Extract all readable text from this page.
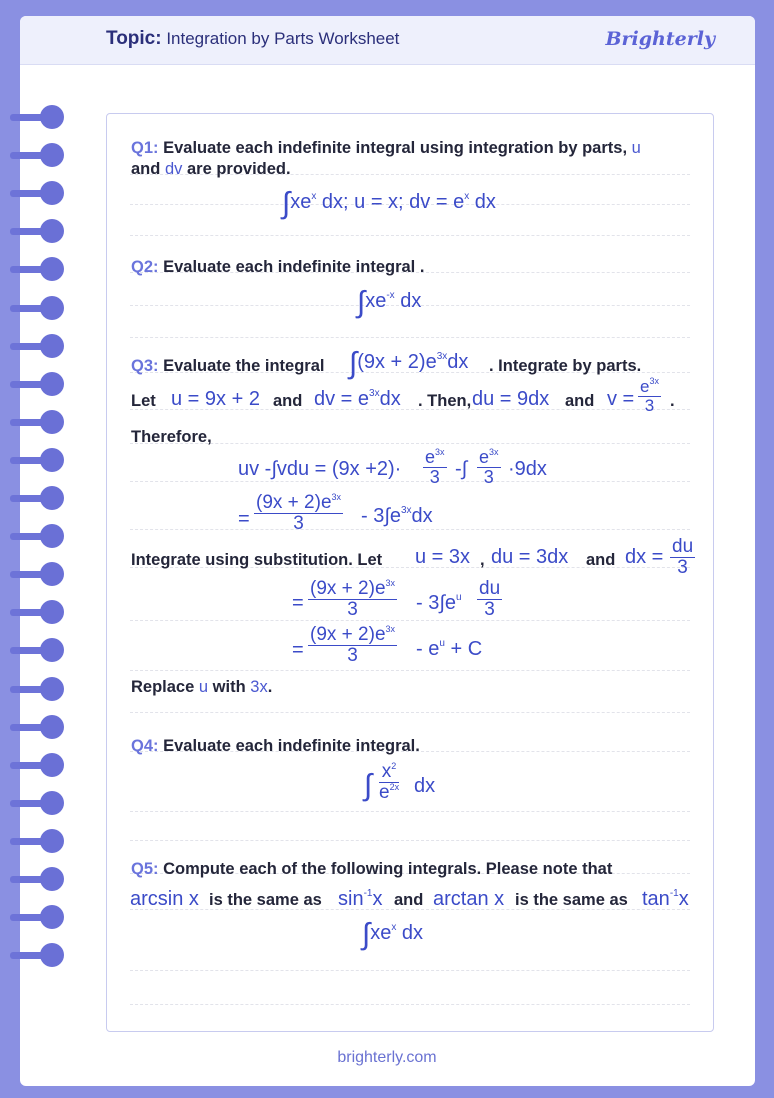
Topic: Integration by Parts Worksheet	Brighterly
Q1: Evaluate each indefinite integral using integration by parts, u
and dv are provided.
$\int xe^x$ dx; u = x; dv = $e^x$ dx
Q2: Evaluate each indefinite integral .
$\int xe^{-x}$ dx
Q3: Evaluate the integral $\int(9x + 2)e^{3x}dx$ . Integrate by parts.
Let u = 9x + 2 and dv = $e^{3x}dx$ . Then, du = 9dx and $v = \frac{e^{3x}}{3}$ .
Therefore,
uv $-\int vdu = (9x +2)\cdot \frac{e^{3x}}{3}$ -∫ $\frac{e^{3x}}{3} \cdot 9dx$
= $\frac{(9x + 2)e^{3x}}{3} - 3\int e^{3x}dx$
Integrate using substitution. Let u = 3x , du = 3dx and dx = $\frac{du}{3}$
= $\frac{(9x + 2)e^{3x}}{3} - 3\int e^u \frac{du}{3}$
= $\frac{(9x + 2)e^{3x}}{3} - e^u + C$
Replace u with 3x.
Q4: Evaluate each indefinite integral.
∫ $\frac{x^2}{e^{2x}}$ dx
Q5: Compute each of the following integrals. Please note that
arcsin x is the same as $\sin^{-1}x$ and arctan x is the same as $\tan^{-1}x$
$\int xe^x$ dx
brighterly.com
